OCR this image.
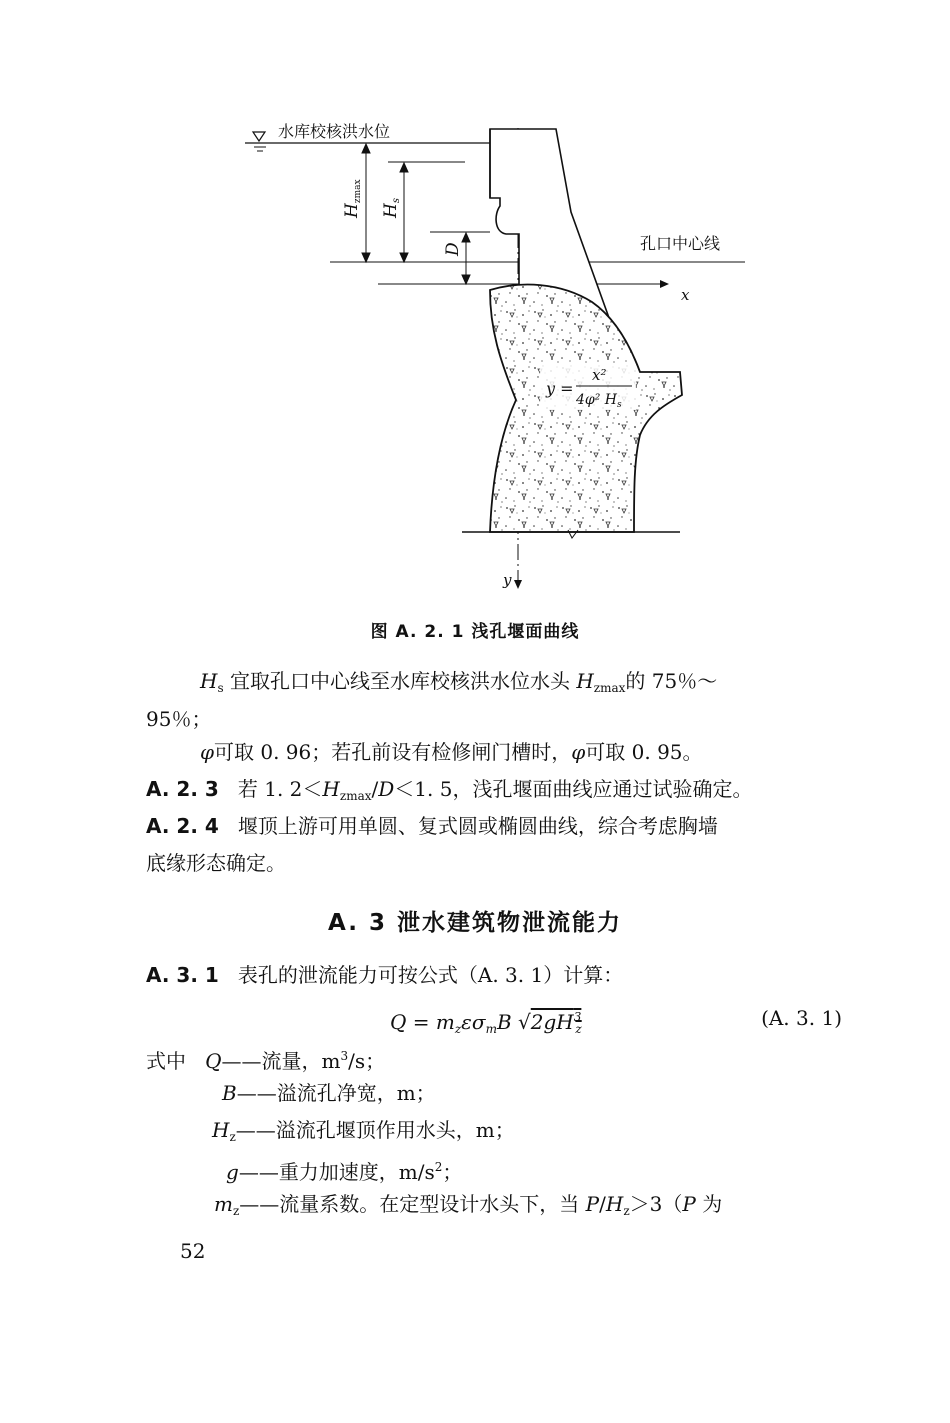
水库校核洪水位
孔口中心线
x
y
Hzmax
Hs
D
y =
x²
4φ² $H_s$
图 A. 2. 1 浅孔堰面曲线
$H_s$ 宜取孔口中心线至水库校核洪水位水头 $H_{zmax}$的 75％～
95％；
φ可取 0. 96；若孔前设有检修闸门槽时，φ可取 0. 95。
A. 2. 3 若 1. $2<H_{zmax}/D<1$. 5，浅孔堰面曲线应通过试验确定。
A. 2. 4 堰顶上游可用单圆、复式圆或椭圆曲线，综合考虑胸墙
底缘形态确定。
A. 3 泄水建筑物泄流能力
A. 3. 1 表孔的泄流能力可按公式（A. 3. 1）计算：
$Q = m_z\varepsilon\sigma_mB$ $√2gH^3_z$	(A. 3. 1)
式中 Q——流量，$m^3/s$；
B——溢流孔净宽，m；
$H_z——$溢流孔堰顶作用水头，m；
g——重力加速度，$m/s^2$；
$m_z——$流量系数。在定型设计水头下，当 $P/H_z>3(P$ 为
52
